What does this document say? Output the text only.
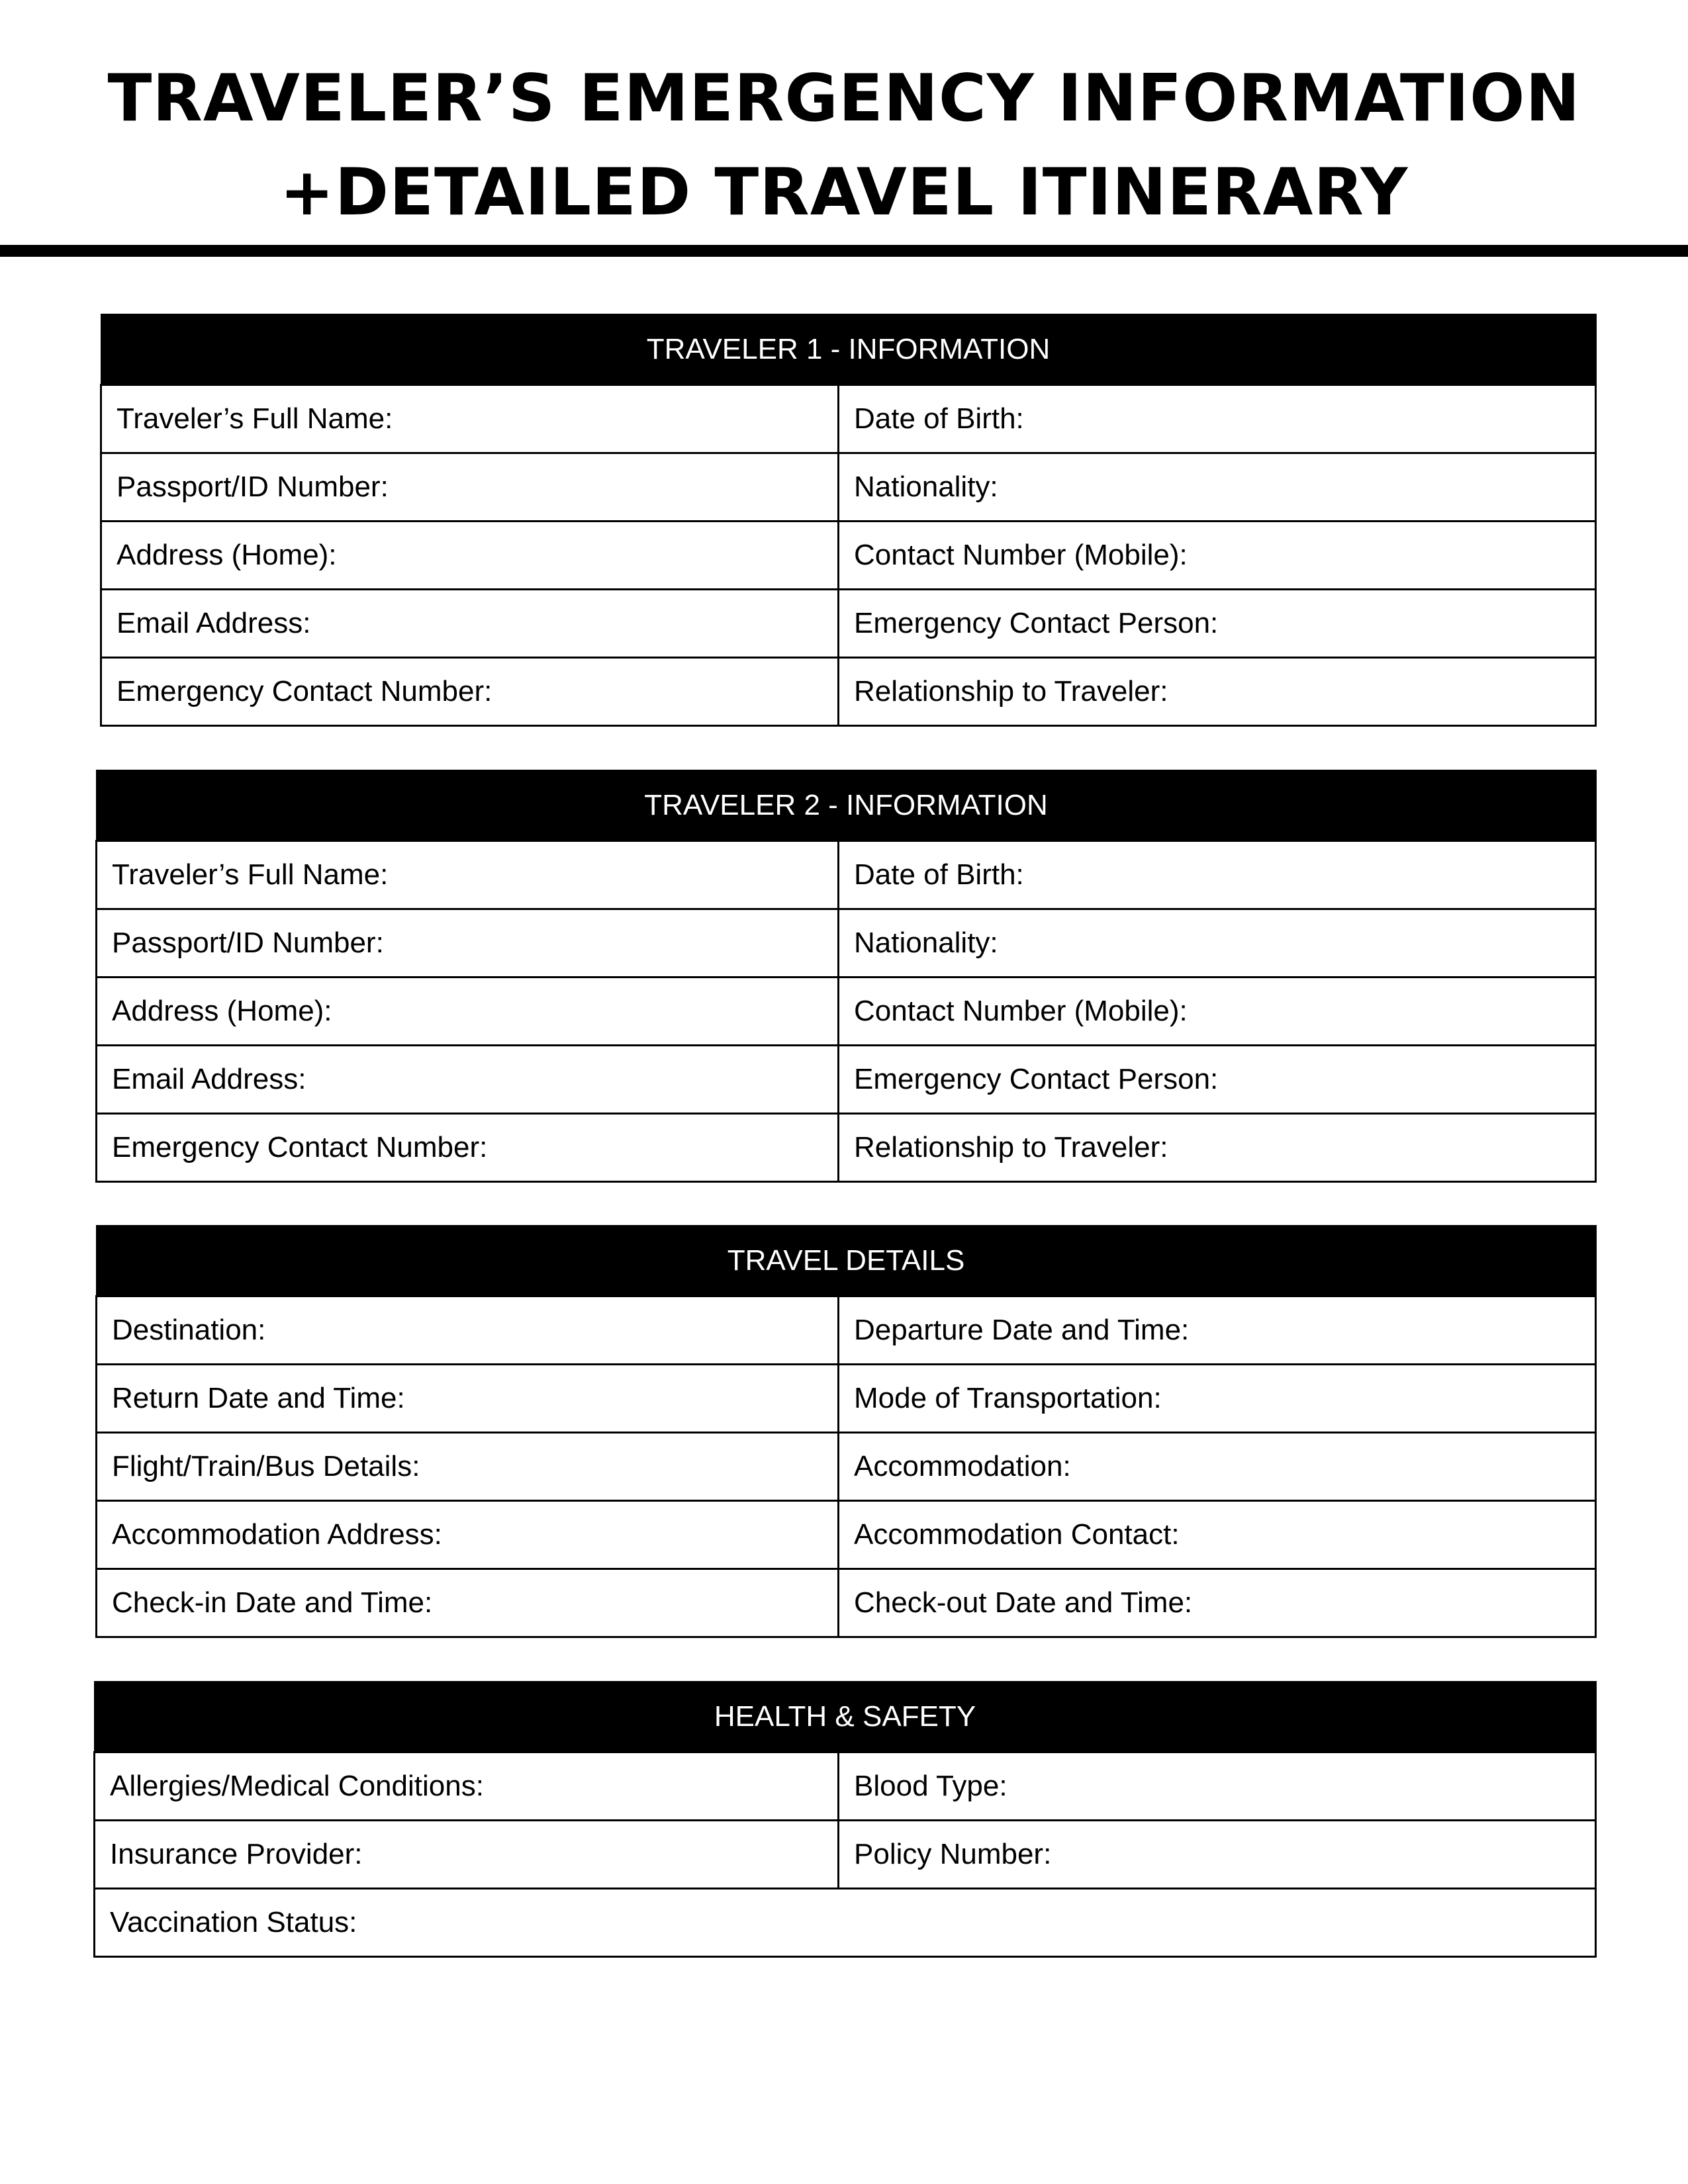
TRAVELER’S EMERGENCY INFORMATION
+DETAILED TRAVEL ITINERARY
TRAVELER 1 - INFORMATION	
Traveler’s Full Name:	Date of Birth:
Passport/ID Number:	Nationality:
Address (Home):	Contact Number (Mobile):
Email Address:	Emergency Contact Person:
Emergency Contact Number:	Relationship to Traveler:
TRAVELER 2 - INFORMATION	
Traveler’s Full Name:	Date of Birth:
Passport/ID Number:	Nationality:
Address (Home):	Contact Number (Mobile):
Email Address:	Emergency Contact Person:
Emergency Contact Number:	Relationship to Traveler:
TRAVEL DETAILS	
Destination:	Departure Date and Time:
Return Date and Time:	Mode of Transportation:
Flight/Train/Bus Details:	Accommodation:
Accommodation Address:	Accommodation Contact:
Check-in Date and Time:	Check-out Date and Time:
HEALTH & SAFETY	
Allergies/Medical Conditions:	Blood Type:
Insurance Provider:	Policy Number:
Vaccination Status:	
